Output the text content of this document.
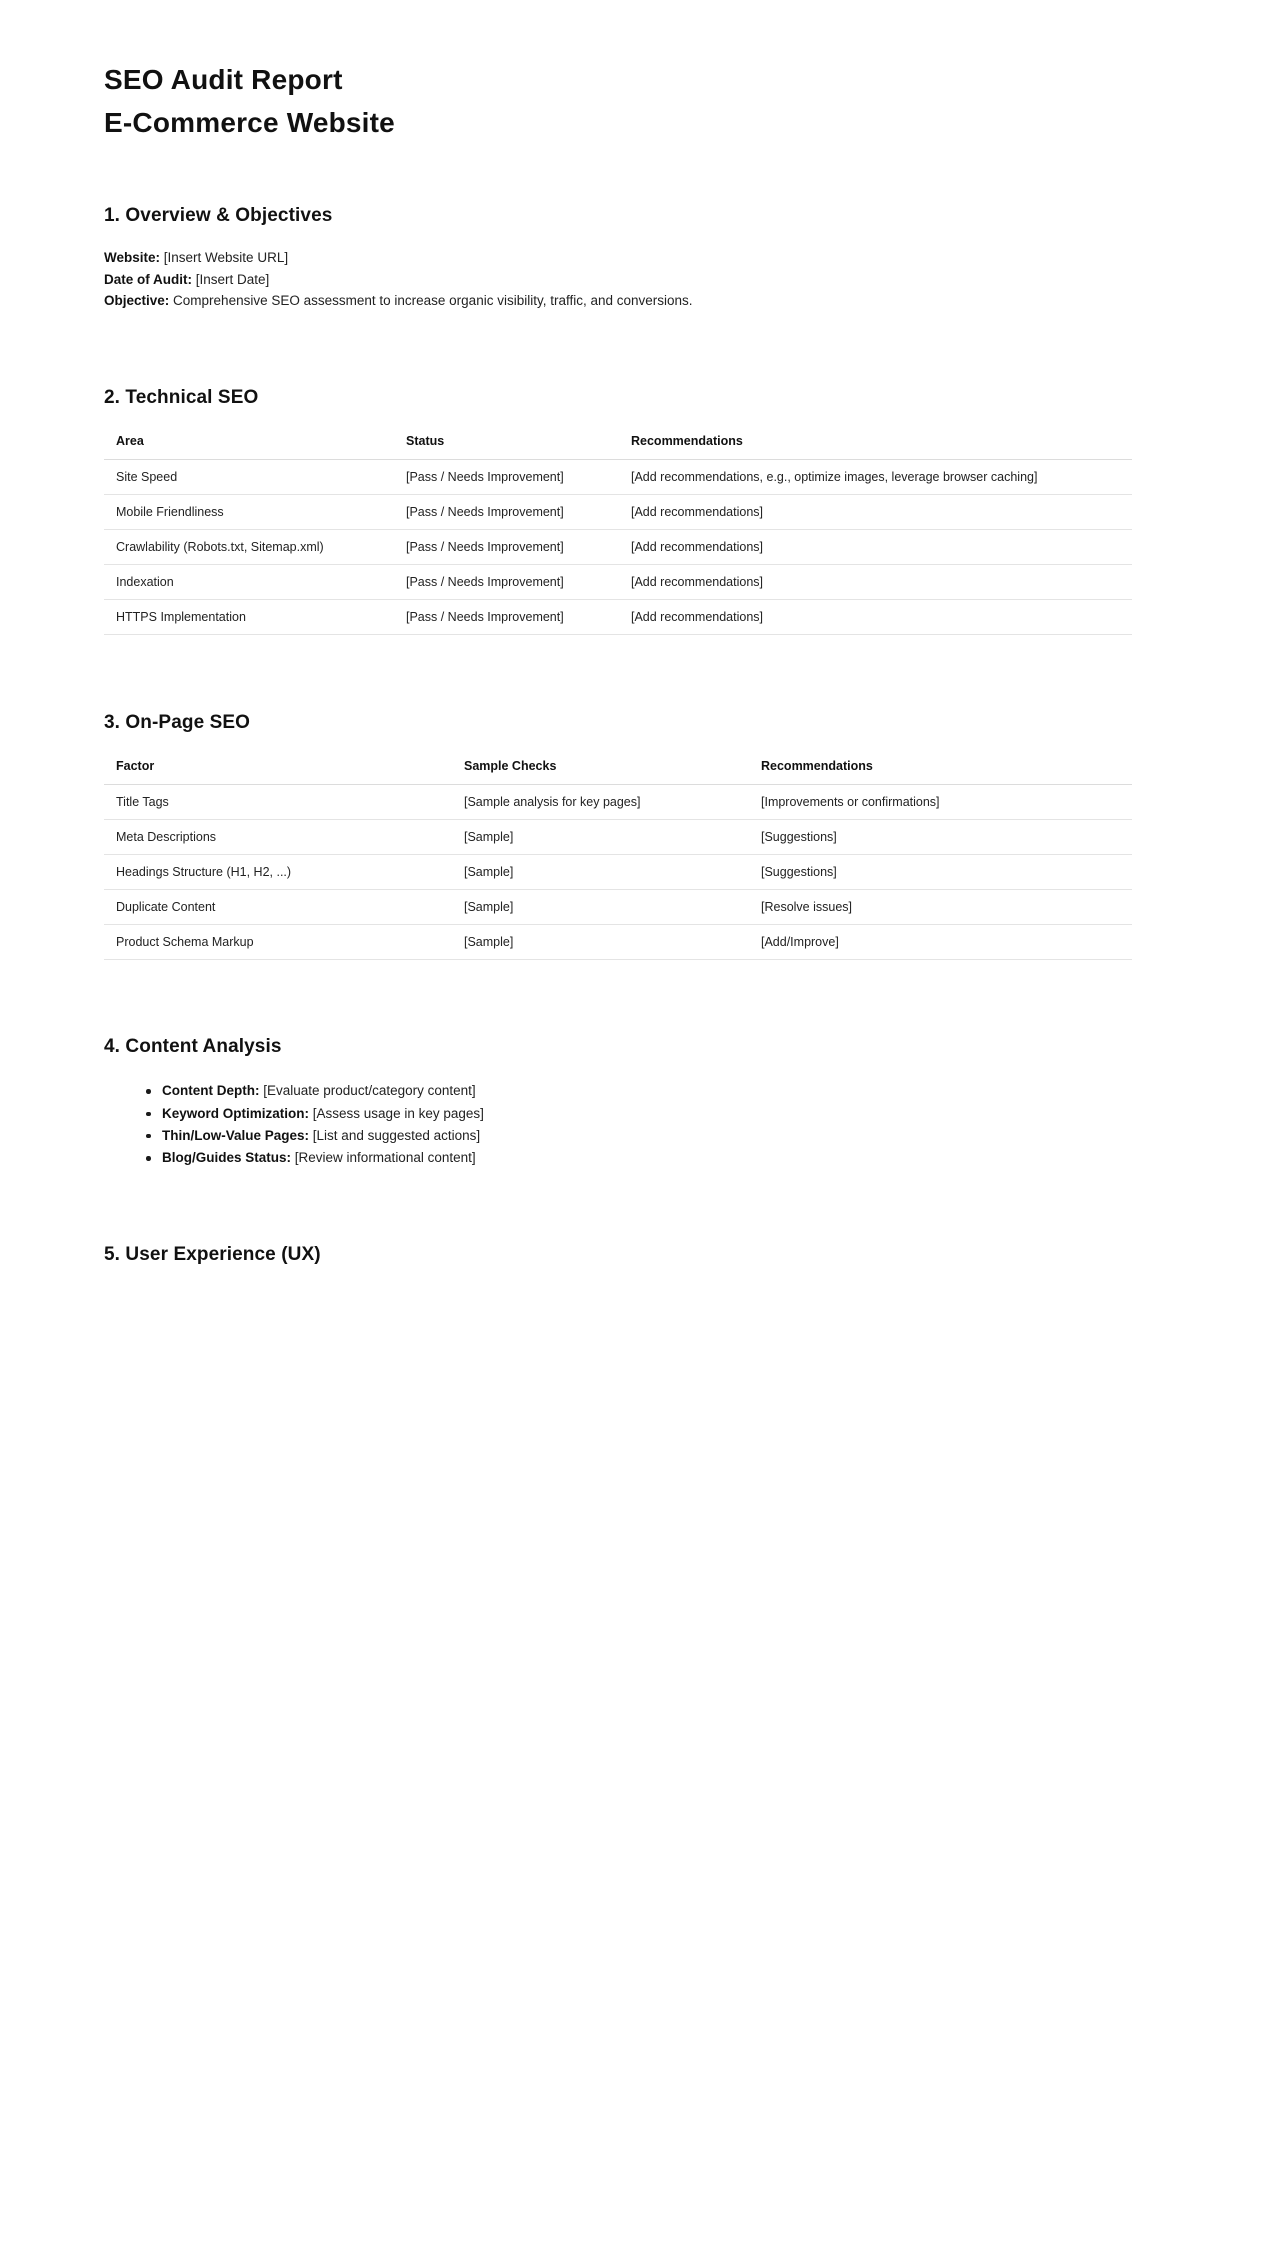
SEO Audit Report
E-Commerce Website
1. Overview & Objectives
Website: [Insert Website URL]
Date of Audit: [Insert Date]
Objective: Comprehensive SEO assessment to increase organic visibility, traffic, and conversions.
2. Technical SEO
Area	Status	Recommendations
Site Speed	[Pass / Needs Improvement]	[Add recommendations, e.g., optimize images, leverage browser caching]
Mobile Friendliness	[Pass / Needs Improvement]	[Add recommendations]
Crawlability (Robots.txt, Sitemap.xml)	[Pass / Needs Improvement]	[Add recommendations]
Indexation	[Pass / Needs Improvement]	[Add recommendations]
HTTPS Implementation	[Pass / Needs Improvement]	[Add recommendations]
3. On-Page SEO
Factor	Sample Checks	Recommendations
Title Tags	[Sample analysis for key pages]	[Improvements or confirmations]
Meta Descriptions	[Sample]	[Suggestions]
Headings Structure (H1, H2, ...)	[Sample]	[Suggestions]
Duplicate Content	[Sample]	[Resolve issues]
Product Schema Markup	[Sample]	[Add/Improve]
4. Content Analysis
Content Depth: [Evaluate product/category content]
Keyword Optimization: [Assess usage in key pages]
Thin/Low-Value Pages: [List and suggested actions]
Blog/Guides Status: [Review informational content]
5. User Experience (UX)
